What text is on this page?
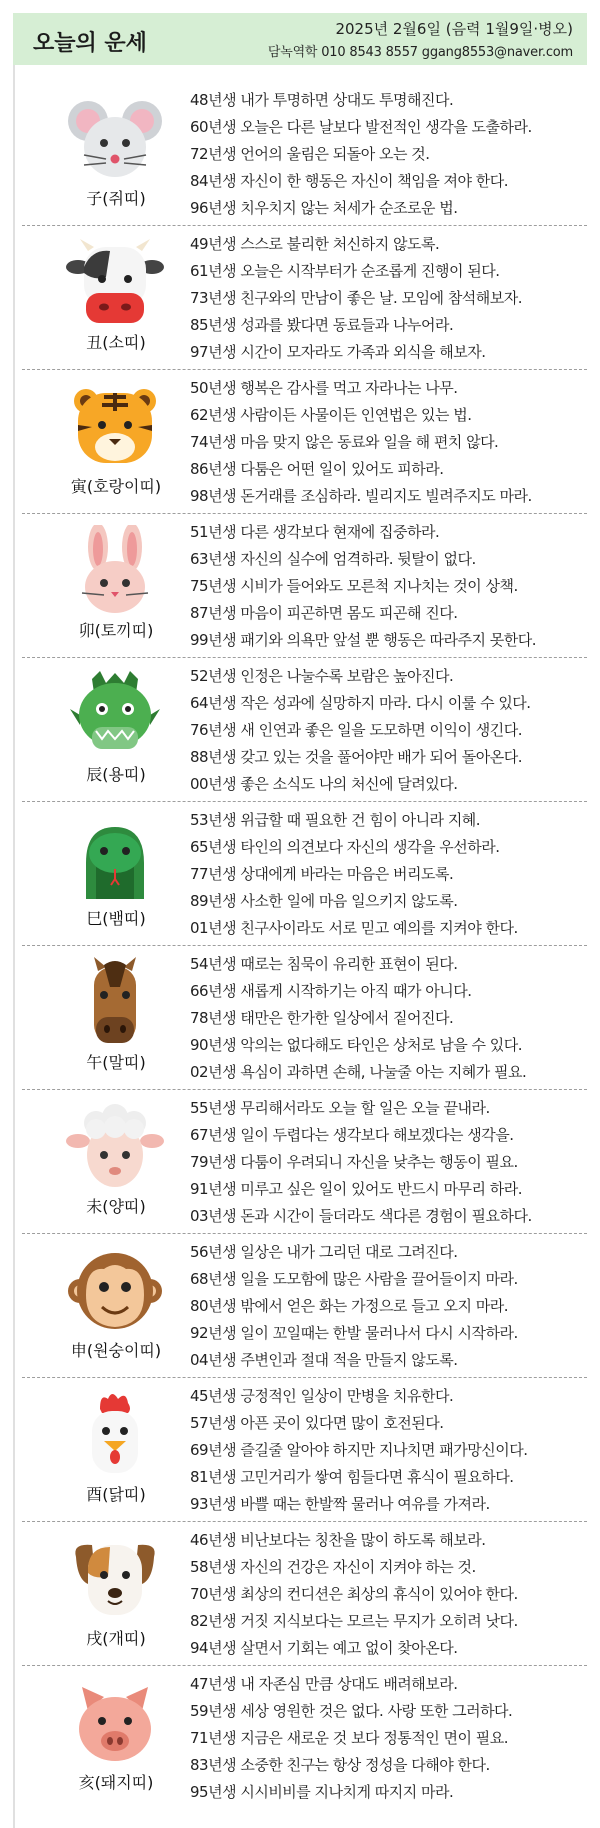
오늘의 운세
2025년 2월6일 (음력 1월9일·병오)
담녹역학 010 8543 8557 ggang8553@naver.com
子(쥐띠)
48년생 내가 투명하면 상대도 투명해진다.
60년생 오늘은 다른 날보다 발전적인 생각을 도출하라.
72년생 언어의 울림은 되돌아 오는 것.
84년생 자신이 한 행동은 자신이 책임을 져야 한다.
96년생 치우치지 않는 처세가 순조로운 법.
丑(소띠)
49년생 스스로 불리한 처신하지 않도록.
61년생 오늘은 시작부터가 순조롭게 진행이 된다.
73년생 친구와의 만남이 좋은 날. 모임에 참석해보자.
85년생 성과를 봤다면 동료들과 나누어라.
97년생 시간이 모자라도 가족과 외식을 해보자.
寅(호랑이띠)
50년생 행복은 감사를 먹고 자라나는 나무.
62년생 사람이든 사물이든 인연법은 있는 법.
74년생 마음 맞지 않은 동료와 일을 해 편치 않다.
86년생 다툼은 어떤 일이 있어도 피하라.
98년생 돈거래를 조심하라. 빌리지도 빌려주지도 마라.
卯(토끼띠)
51년생 다른 생각보다 현재에 집중하라.
63년생 자신의 실수에 엄격하라. 뒷탈이 없다.
75년생 시비가 들어와도 모른척 지나치는 것이 상책.
87년생 마음이 피곤하면 몸도 피곤해 진다.
99년생 패기와 의욕만 앞설 뿐 행동은 따라주지 못한다.
辰(용띠)
52년생 인정은 나눌수록 보람은 높아진다.
64년생 작은 성과에 실망하지 마라. 다시 이룰 수 있다.
76년생 새 인연과 좋은 일을 도모하면 이익이 생긴다.
88년생 갖고 있는 것을 풀어야만 배가 되어 돌아온다.
00년생 좋은 소식도 나의 처신에 달려있다.
巳(뱀띠)
53년생 위급할 때 필요한 건 힘이 아니라 지혜.
65년생 타인의 의견보다 자신의 생각을 우선하라.
77년생 상대에게 바라는 마음은 버리도록.
89년생 사소한 일에 마음 일으키지 않도록.
01년생 친구사이라도 서로 믿고 예의를 지켜야 한다.
午(말띠)
54년생 때로는 침묵이 유리한 표현이 된다.
66년생 새롭게 시작하기는 아직 때가 아니다.
78년생 태만은 한가한 일상에서 짙어진다.
90년생 악의는 없다해도 타인은 상처로 남을 수 있다.
02년생 욕심이 과하면 손해, 나눌줄 아는 지혜가 필요.
未(양띠)
55년생 무리해서라도 오늘 할 일은 오늘 끝내라.
67년생 일이 두렵다는 생각보다 해보겠다는 생각을.
79년생 다툼이 우려되니 자신을 낮추는 행동이 필요.
91년생 미루고 싶은 일이 있어도 반드시 마무리 하라.
03년생 돈과 시간이 들더라도 색다른 경험이 필요하다.
申(원숭이띠)
56년생 일상은 내가 그리던 대로 그려진다.
68년생 일을 도모함에 많은 사람을 끌어들이지 마라.
80년생 밖에서 얻은 화는 가정으로 들고 오지 마라.
92년생 일이 꼬일때는 한발 물러나서 다시 시작하라.
04년생 주변인과 절대 적을 만들지 않도록.
酉(닭띠)
45년생 긍정적인 일상이 만병을 치유한다.
57년생 아픈 곳이 있다면 많이 호전된다.
69년생 즐길줄 알아야 하지만 지나치면 패가망신이다.
81년생 고민거리가 쌓여 힘들다면 휴식이 필요하다.
93년생 바쁠 때는 한발짝 물러나 여유를 가져라.
戌(개띠)
46년생 비난보다는 칭찬을 많이 하도록 해보라.
58년생 자신의 건강은 자신이 지켜야 하는 것.
70년생 최상의 컨디션은 최상의 휴식이 있어야 한다.
82년생 거짓 지식보다는 모르는 무지가 오히려 낫다.
94년생 살면서 기회는 예고 없이 찾아온다.
亥(돼지띠)
47년생 내 자존심 만큼 상대도 배려해보라.
59년생 세상 영원한 것은 없다. 사랑 또한 그러하다.
71년생 지금은 새로운 것 보다 정통적인 면이 필요.
83년생 소중한 친구는 항상 정성을 다해야 한다.
95년생 시시비비를 지나치게 따지지 마라.
